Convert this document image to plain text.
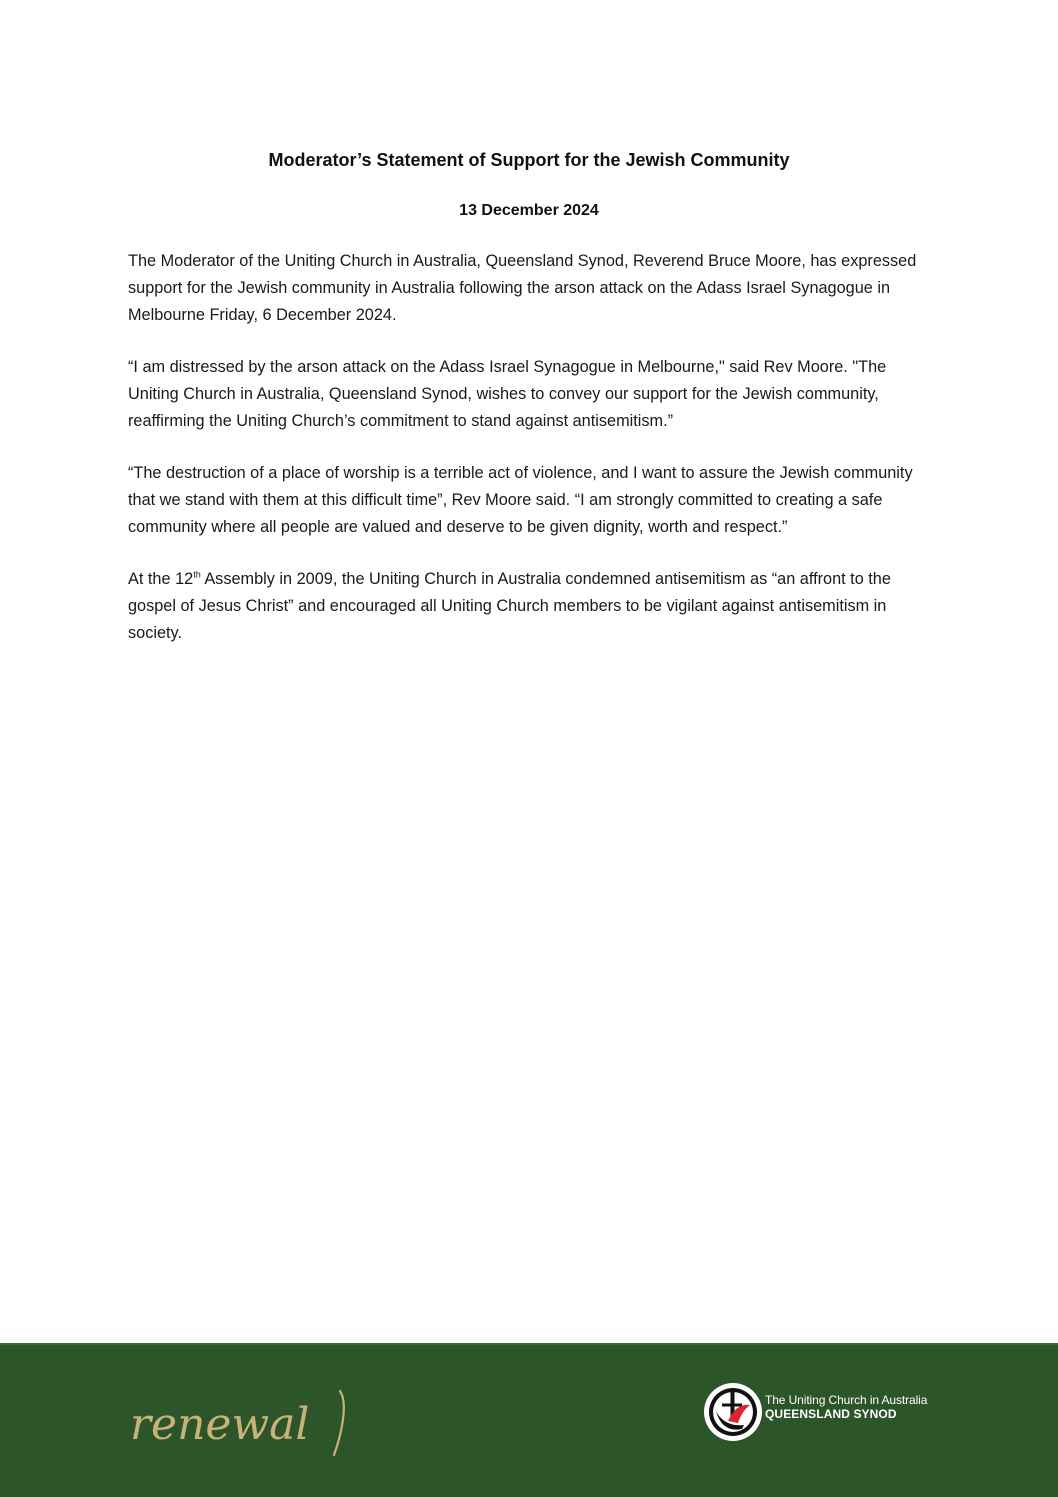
Moderator’s Statement of Support for the Jewish Community
13 December 2024

The Moderator of the Uniting Church in Australia, Queensland Synod, Reverend Bruce Moore, has expressed support for the Jewish community in Australia following the arson attack on the Adass Israel Synagogue in Melbourne Friday, 6 December 2024.

“I am distressed by the arson attack on the Adass Israel Synagogue in Melbourne," said Rev Moore. "The Uniting Church in Australia, Queensland Synod, wishes to convey our support for the Jewish community, reaffirming the Uniting Church’s commitment to stand against antisemitism.”

“The destruction of a place of worship is a terrible act of violence, and I want to assure the Jewish community that we stand with them at this difficult time”, Rev Moore said. “I am strongly committed to creating a safe community where all people are valued and deserve to be given dignity, worth and respect.”

At the 12th Assembly in 2009, the Uniting Church in Australia condemned antisemitism as “an affront to the gospel of Jesus Christ” and encouraged all Uniting Church members to be vigilant against antisemitism in society.

renewal	The Uniting Church in Australia
QUEENSLAND SYNOD
